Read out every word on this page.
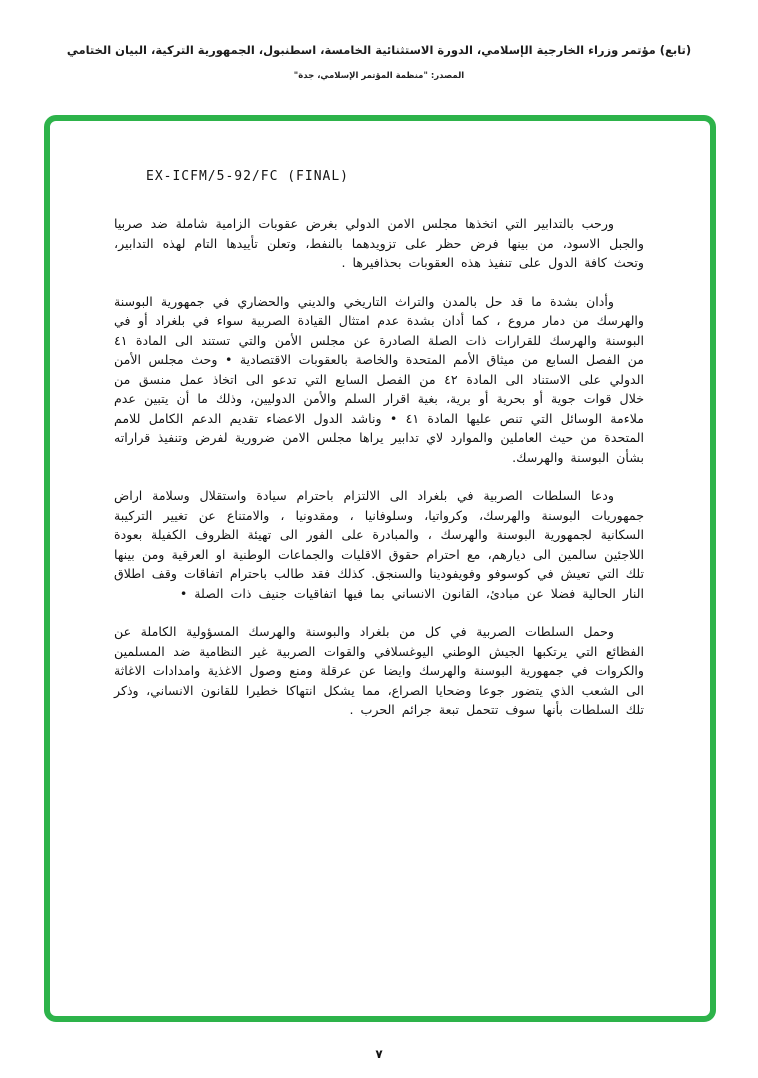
(تابع) مؤتمر وزراء الخارجية الإسلامي، الدورة الاستثنائية الخامسة، اسطنبول، الجمهورية التركية، البيان الختامي
المصدر: "منظمة المؤتمر الإسلامي، جدة"
EX-ICFM/5-92/FC (FINAL)

ورحب بالتدابير التي اتخذها مجلس الامن الدولي بغرض عقوبات الزامية شاملة ضد صربيا والجبل الاسود، من بينها فرض حظر على تزويدهما بالنفط، وتعلن تأييدها التام لهذه التدابير، وتحث كافة الدول على تنفيذ هذه العقوبات بحذافيرها .

وأدان بشدة ما قد حل بالمدن والتراث التاريخي والديني والحضاري في جمهورية البوسنة والهرسك من دمار مروع ، كما أدان بشدة عدم امتثال القيادة الصربية سواء في بلغراد أو في البوسنة والهرسك للقرارات ذات الصلة الصادرة عن مجلس الأمن والتي تستند الى المادة ٤١ من الفصل السابع من ميثاق الأمم المتحدة والخاصة بالعقوبات الاقتصادية • وحث مجلس الأمن الدولي على الاستناد الى المادة ٤٢ من الفصل السابع التي تدعو الى اتخاذ عمل منسق من خلال قوات جوية أو بحرية أو برية، بغية اقرار السلم والأمن الدوليين، وذلك ما أن يتبين عدم ملاءمة الوسائل التي تنص عليها المادة ٤١ • وناشد الدول الاعضاء تقديم الدعم الكامل للامم المتحدة من حيث العاملين والموارد لاي تدابير يراها مجلس الامن ضرورية لفرض وتنفيذ قراراته بشأن البوسنة والهرسك.

ودعا السلطات الصربية في بلغراد الى الالتزام باحترام سيادة واستقلال وسلامة اراض جمهوريات البوسنة والهرسك، وكرواتيا، وسلوفانيا ، ومقدونيا ، والامتناع عن تغيير التركيبة السكانية لجمهورية البوسنة والهرسك ، والمبادرة على الفور الى تهيئة الظروف الكفيلة بعودة اللاجئين سالمين الى ديارهم، مع احترام حقوق الاقليات والجماعات الوطنية او العرقية ومن بينها تلك التي تعيش في كوسوفو وفويفودينا والسنجق. كذلك فقد طالب باحترام اتفاقات وقف اطلاق النار الحالية فضلا عن مبادئ، القانون الانساني بما فيها اتفاقيات جنيف ذات الصلة •

وحمل السلطات الصربية في كل من بلغراد والبوسنة والهرسك المسؤولية الكاملة عن الفظائع التي يرتكبها الجيش الوطني اليوغسلافي والقوات الصربية غير النظامية ضد المسلمين والكروات في جمهورية البوسنة والهرسك وايضا عن عرقلة ومنع وصول الاغذية وامدادات الاغاثة الى الشعب الذي يتضور جوعا وضحايا الصراع، مما يشكل انتهاكا خطيرا للقانون الانساني، وذكر تلك السلطات بأنها سوف تتحمل تبعة جرائم الحرب .

٧
